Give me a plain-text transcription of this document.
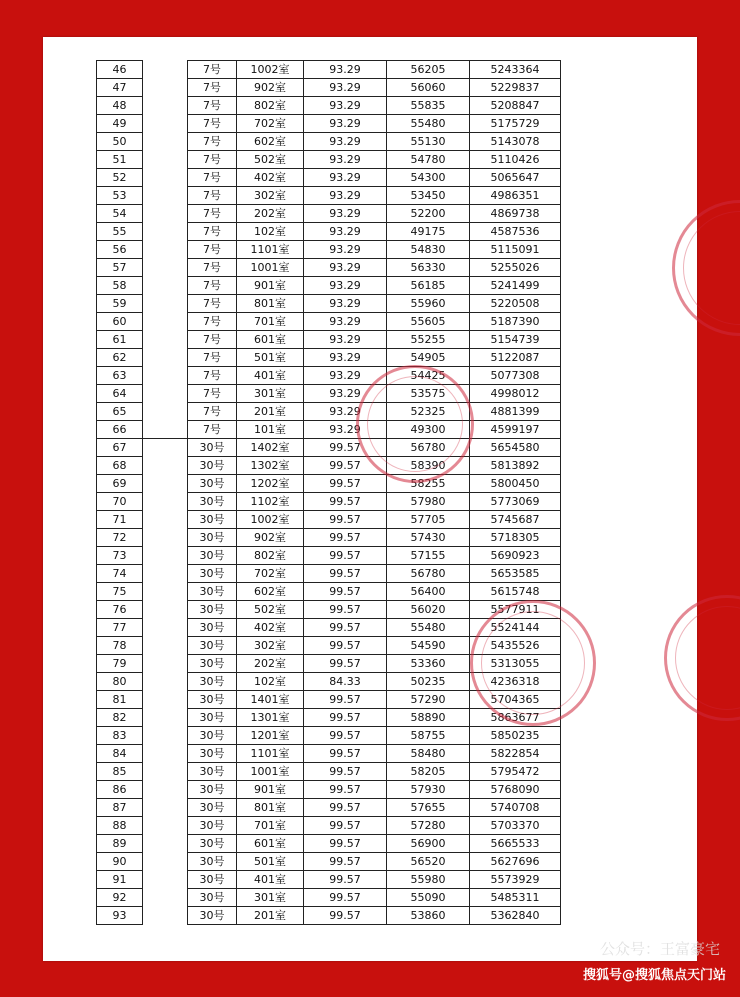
46		7号	1002室	93.29	56205	5243364
47		7号	902室	93.29	56060	5229837
48		7号	802室	93.29	55835	5208847
49		7号	702室	93.29	55480	5175729
50		7号	602室	93.29	55130	5143078
51		7号	502室	93.29	54780	5110426
52		7号	402室	93.29	54300	5065647
53		7号	302室	93.29	53450	4986351
54		7号	202室	93.29	52200	4869738
55		7号	102室	93.29	49175	4587536
56		7号	1101室	93.29	54830	5115091
57		7号	1001室	93.29	56330	5255026
58		7号	901室	93.29	56185	5241499
59		7号	801室	93.29	55960	5220508
60		7号	701室	93.29	55605	5187390
61		7号	601室	93.29	55255	5154739
62		7号	501室	93.29	54905	5122087
63		7号	401室	93.29	54425	5077308
64		7号	301室	93.29	53575	4998012
65		7号	201室	93.29	52325	4881399
66		7号	101室	93.29	49300	4599197
67		30号	1402室	99.57	56780	5654580
68		30号	1302室	99.57	58390	5813892
69		30号	1202室	99.57	58255	5800450
70		30号	1102室	99.57	57980	5773069
71		30号	1002室	99.57	57705	5745687
72		30号	902室	99.57	57430	5718305
73		30号	802室	99.57	57155	5690923
74		30号	702室	99.57	56780	5653585
75		30号	602室	99.57	56400	5615748
76		30号	502室	99.57	56020	5577911
77		30号	402室	99.57	55480	5524144
78		30号	302室	99.57	54590	5435526
79		30号	202室	99.57	53360	5313055
80		30号	102室	84.33	50235	4236318
81		30号	1401室	99.57	57290	5704365
82		30号	1301室	99.57	58890	5863677
83		30号	1201室	99.57	58755	5850235
84		30号	1101室	99.57	58480	5822854
85		30号	1001室	99.57	58205	5795472
86		30号	901室	99.57	57930	5768090
87		30号	801室	99.57	57655	5740708
88		30号	701室	99.57	57280	5703370
89		30号	601室	99.57	56900	5665533
90		30号	501室	99.57	56520	5627696
91		30号	401室	99.57	55980	5573929
92		30号	301室	99.57	55090	5485311
93		30号	201室	99.57	53860	5362840
公众号：王富豪宅
搜狐号@搜狐焦点天门站
